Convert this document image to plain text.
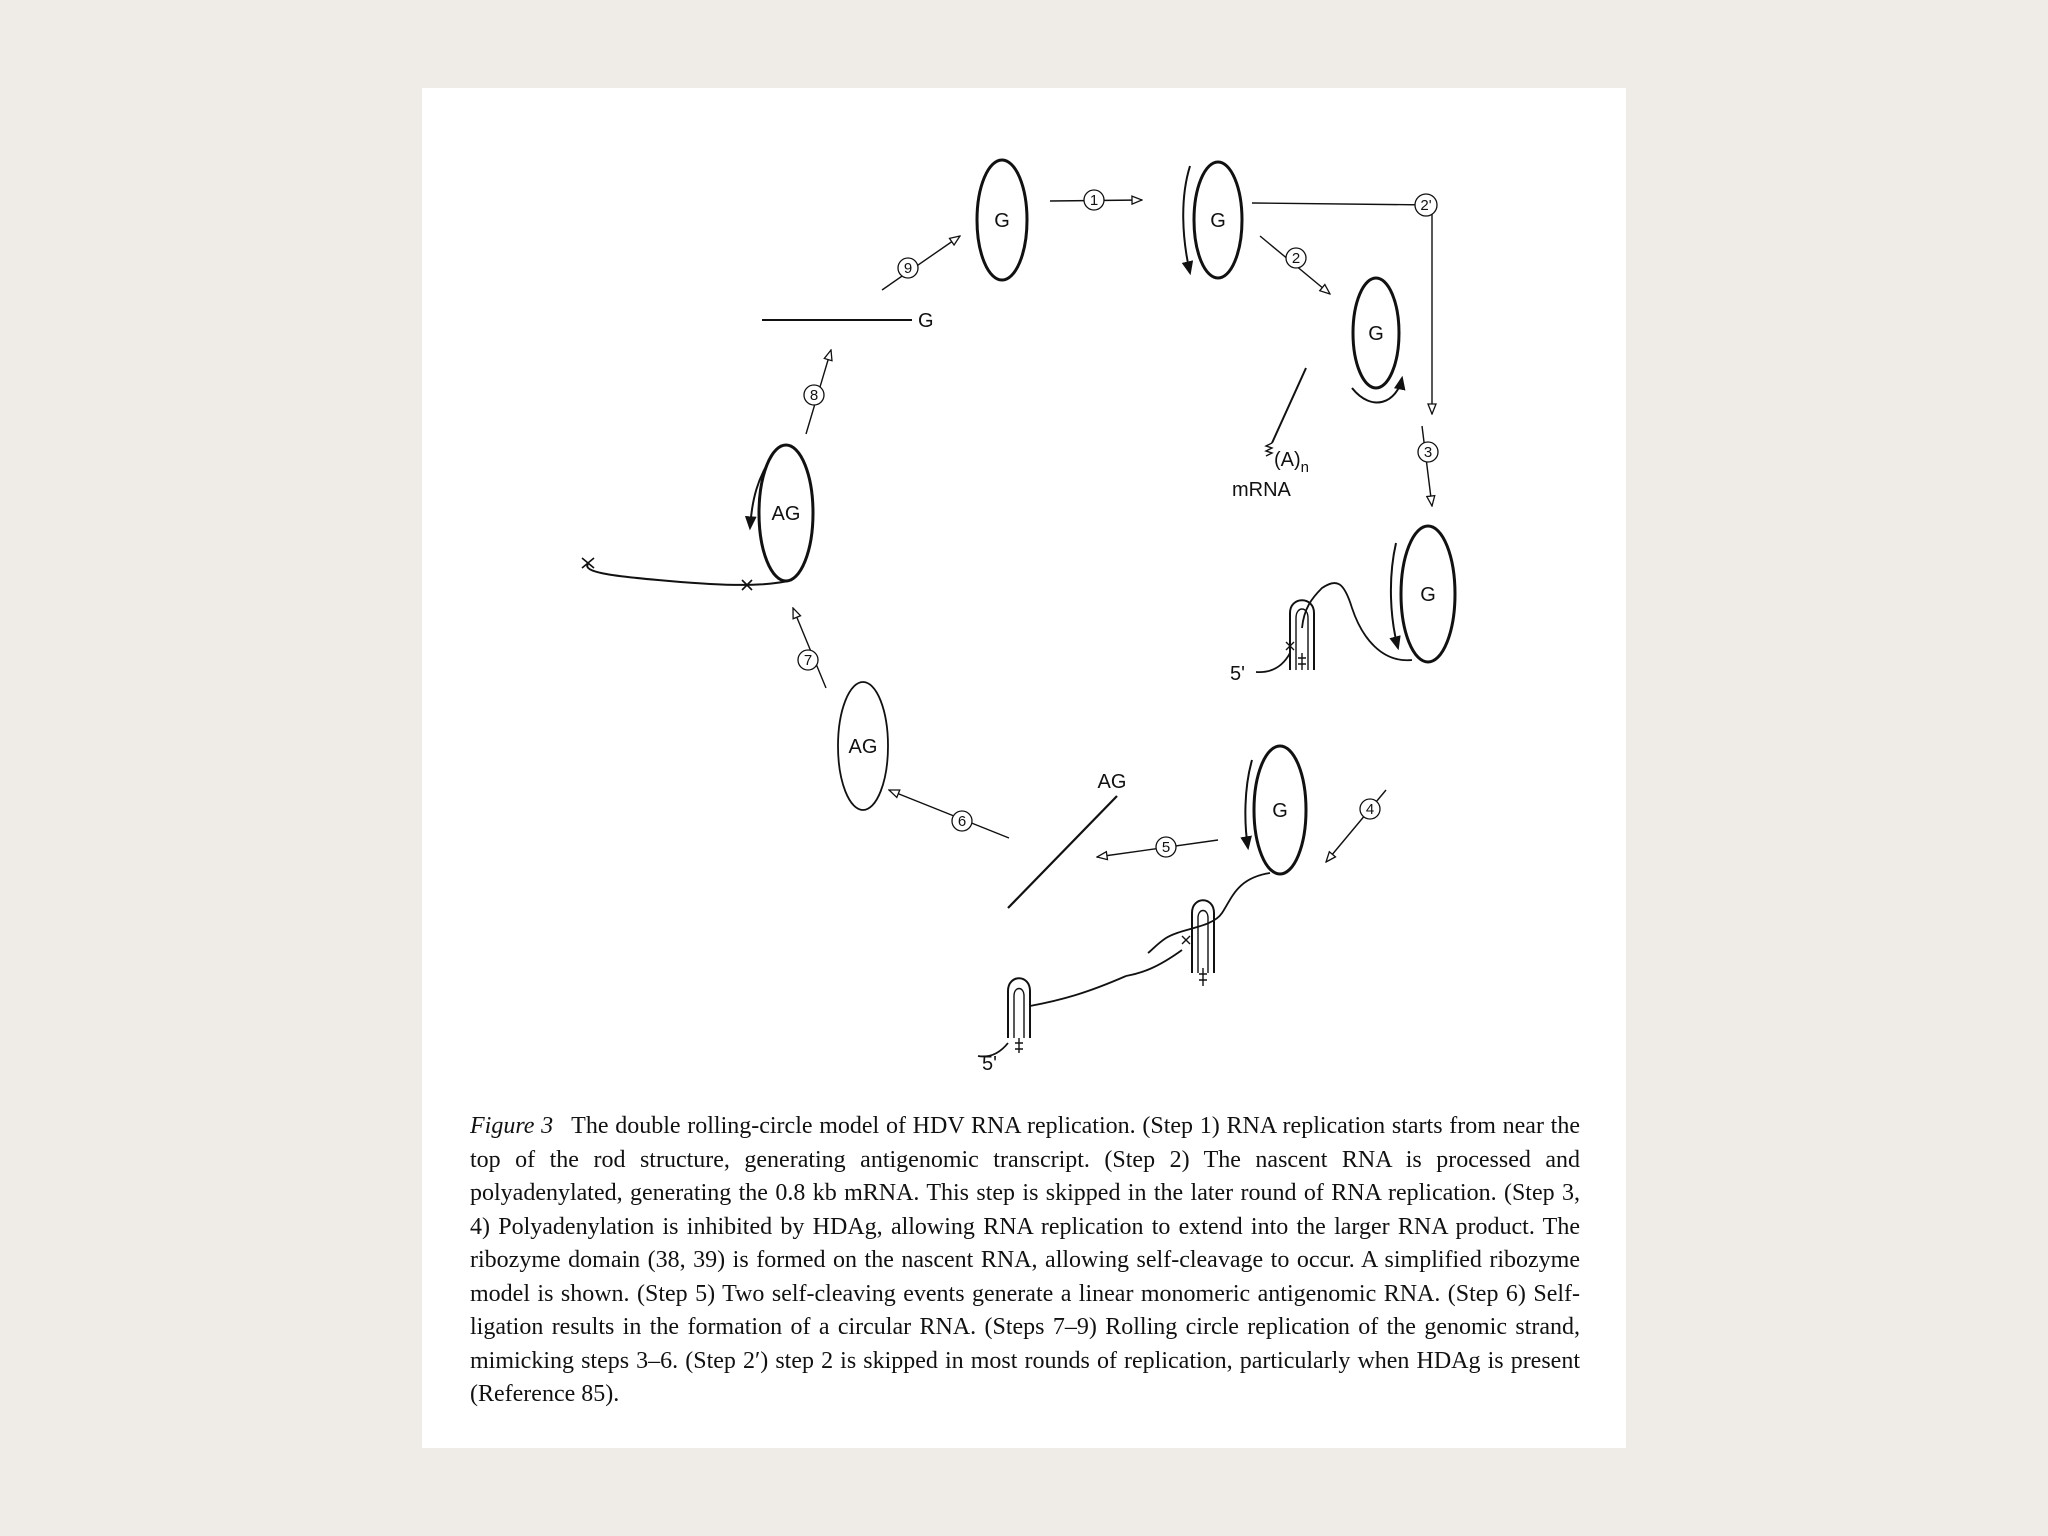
G
1
G
2'
2
G
$(A)_n$
mRNA
3
G
5'
4
G
5'
5
AG
6
AG
7
AG
8
G
9

Figure 3 The double rolling-circle model of HDV RNA replication. (Step 1) RNA replication starts from near the top of the rod structure, generating antigenomic transcript. (Step 2) The nascent RNA is processed and polyadenylated, generating the 0.8 kb mRNA. This step is skipped in the later round of RNA replication. (Step 3, 4) Polyadenylation is inhibited by HDAg, allowing RNA replication to extend into the larger RNA product. The ribozyme domain (38, 39) is formed on the nascent RNA, allowing self-cleavage to occur. A simplified ribozyme model is shown. (Step 5) Two self-cleaving events generate a linear monomeric antigenomic RNA. (Step 6) Self-ligation results in the formation of a circular RNA. (Steps 7–9) Rolling circle replication of the genomic strand, mimicking steps 3–6. (Step 2′) step 2 is skipped in most rounds of replication, particularly when HDAg is present (Reference 85).
